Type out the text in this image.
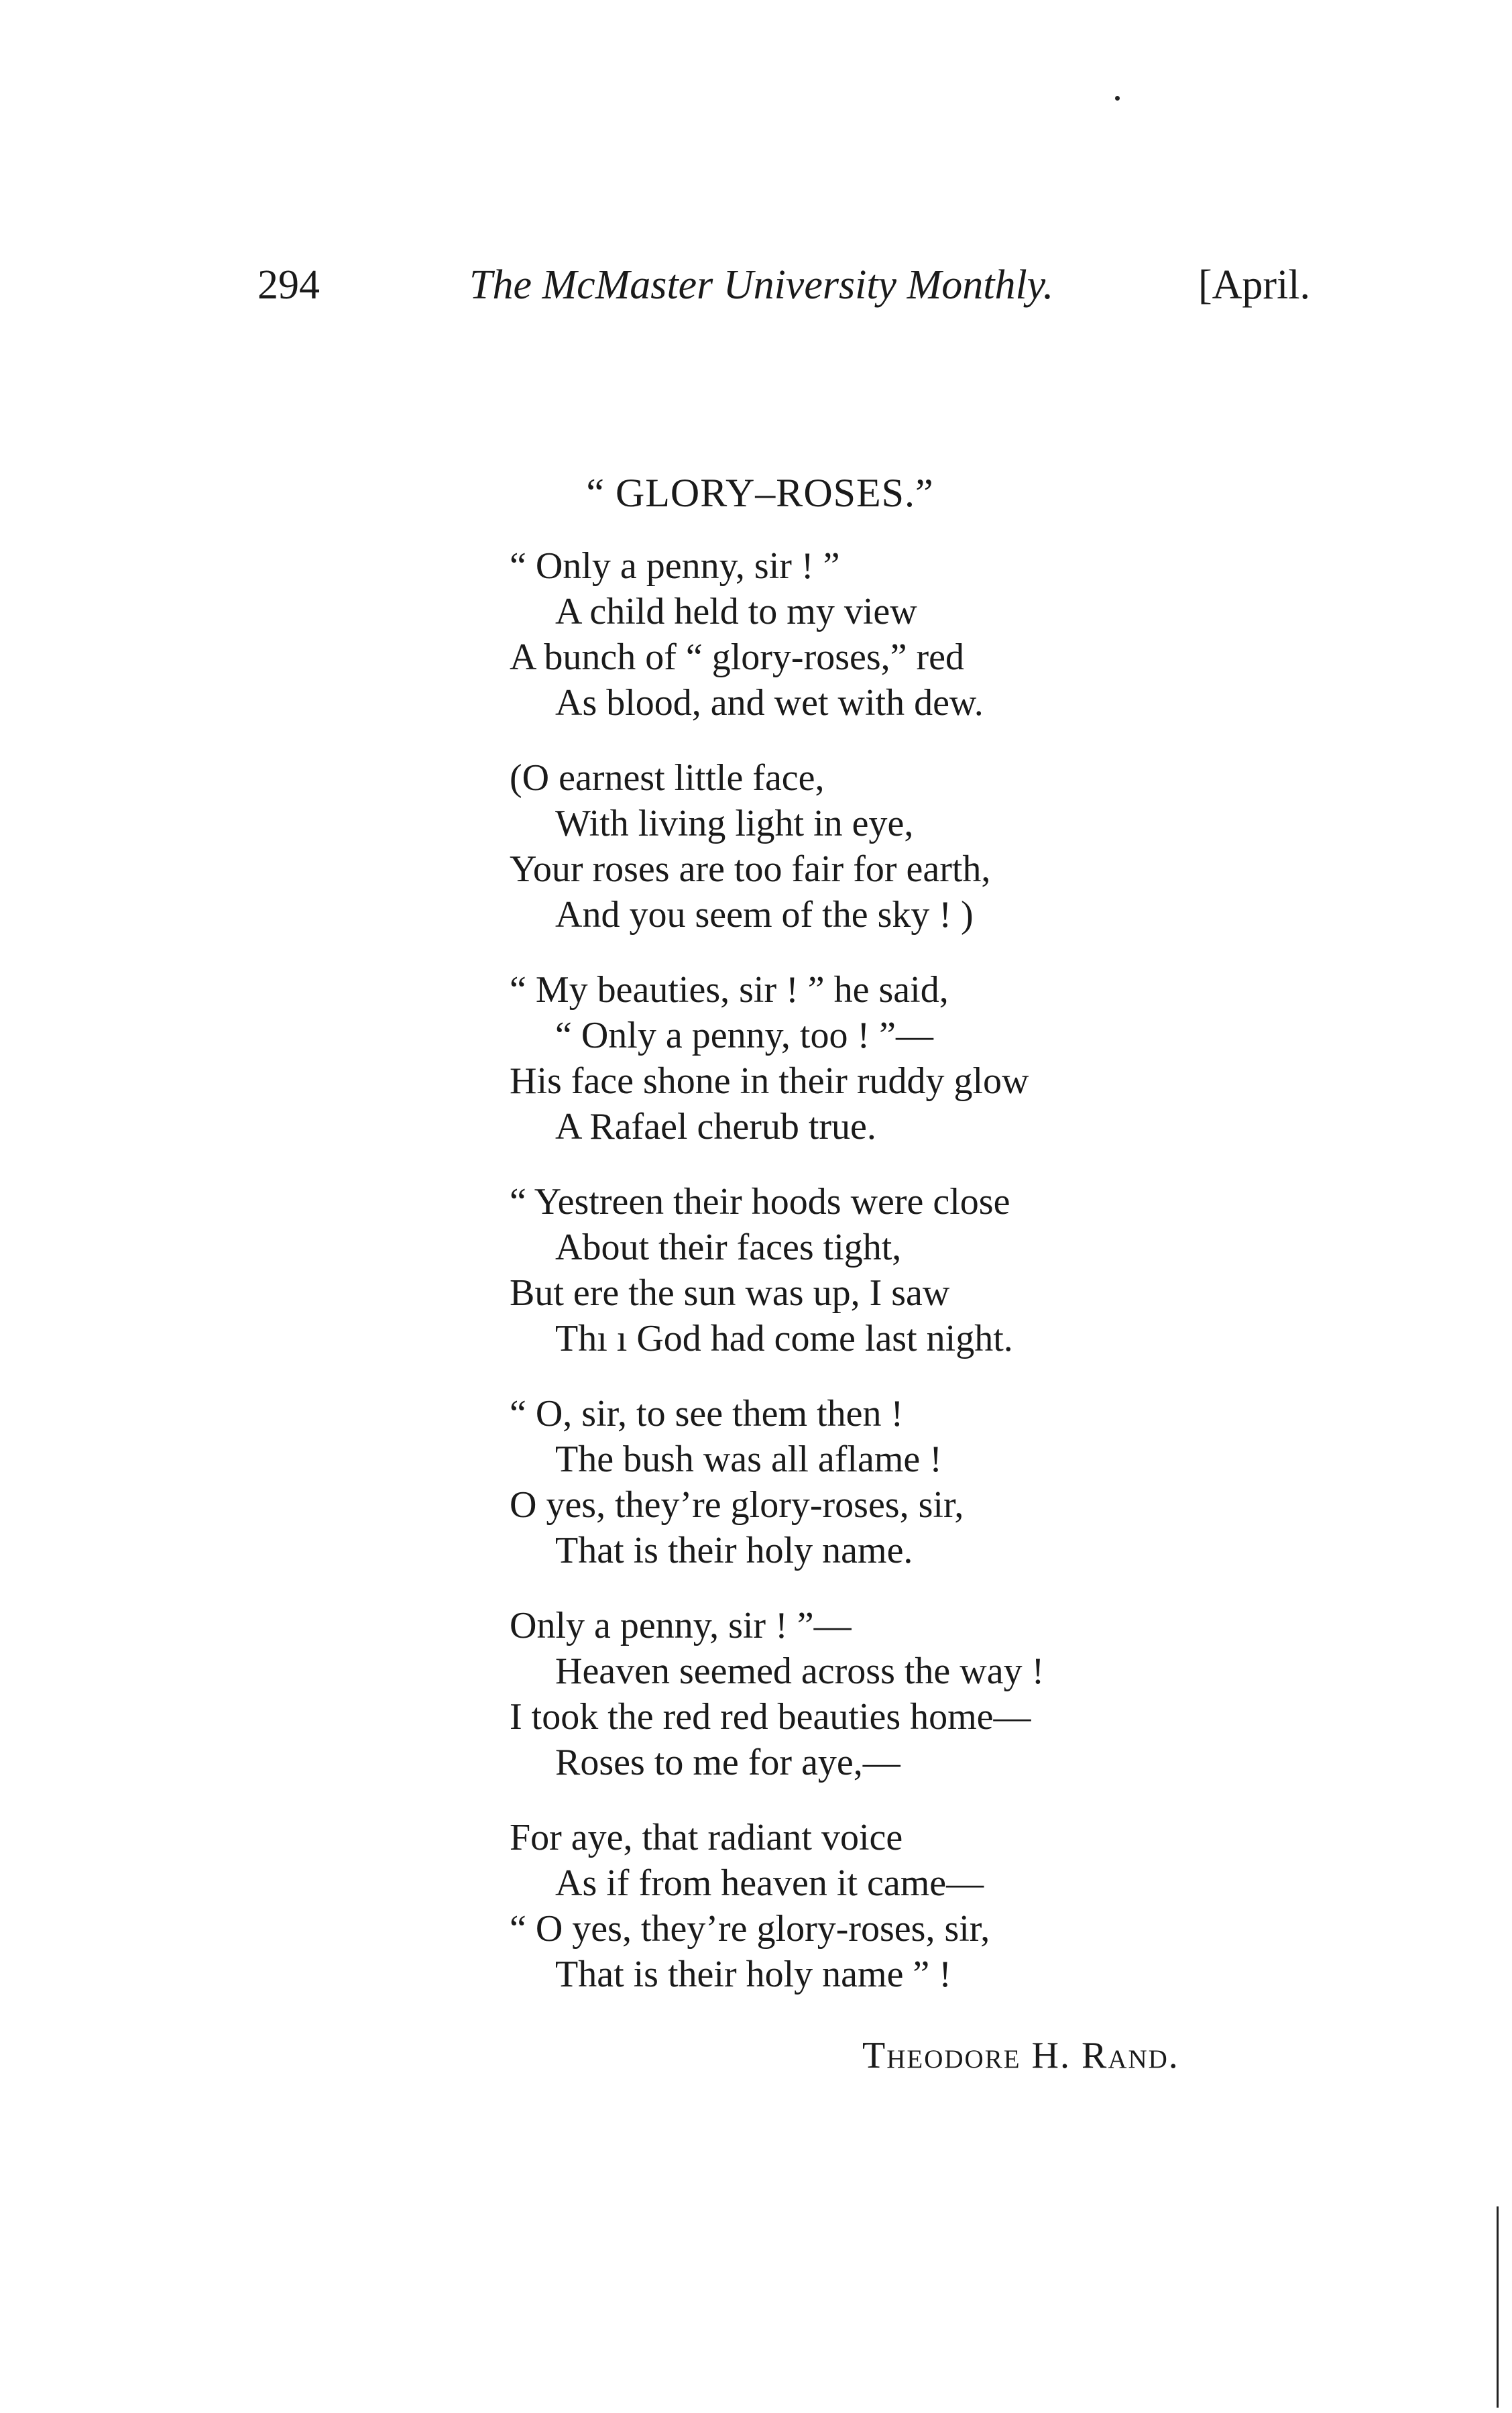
294	The McMaster University Monthly.	[April.
“ GLORY–ROSES.”
“ Only a penny, sir ! ”
A child held to my view
A bunch of “ glory-roses,” red
As blood, and wet with dew.
(O earnest little face,
With living light in eye,
Your roses are too fair for earth,
And you seem of the sky ! )
“ My beauties, sir ! ” he said,
“ Only a penny, too ! ”—
His face shone in their ruddy glow
A Rafael cherub true.
“ Yestreen their hoods were close
About their faces tight,
But ere the sun was up, I saw
Thı ı God had come last night.
“ O, sir, to see them then !
The bush was all aflame !
O yes, they’re glory-roses, sir,
That is their holy name.
Only a penny, sir ! ”—
Heaven seemed across the way !
I took the red red beauties home—
Roses to me for aye,—
For aye, that radiant voice
As if from heaven it came—
“ O yes, they’re glory-roses, sir,
That is their holy name ” !
Theodore H. Rand.
